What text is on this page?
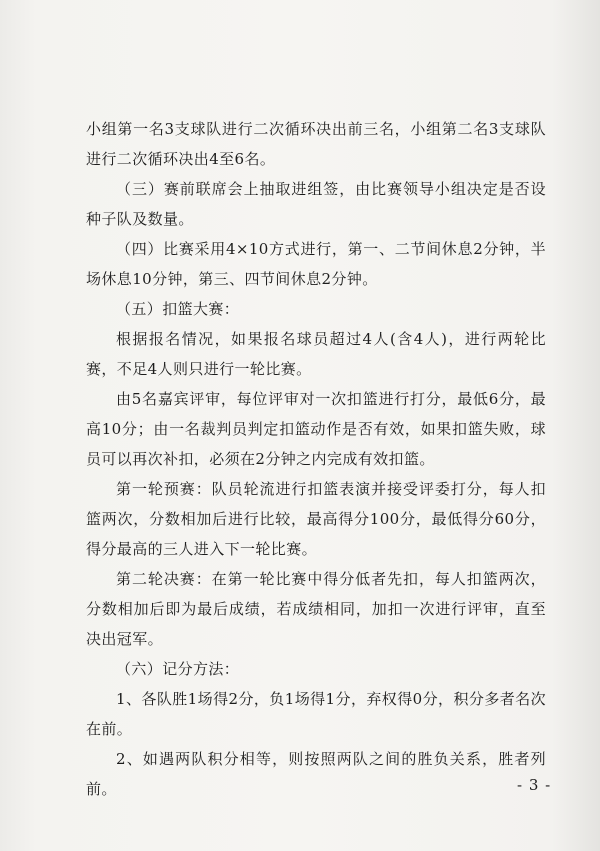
小组第一名3支球队进行二次循环决出前三名，小组第二名3支球队进行二次循环决出4至6名。

（三）赛前联席会上抽取进组签，由比赛领导小组决定是否设种子队及数量。

（四）比赛采用4×10方式进行，第一、二节间休息2分钟，半场休息10分钟，第三、四节间休息2分钟。

（五）扣篮大赛：

根据报名情况，如果报名球员超过4人(含4人)，进行两轮比赛，不足4人则只进行一轮比赛。

由5名嘉宾评审，每位评审对一次扣篮进行打分，最低6分，最高10分；由一名裁判员判定扣篮动作是否有效，如果扣篮失败，球员可以再次补扣，必须在2分钟之内完成有效扣篮。

第一轮预赛：队员轮流进行扣篮表演并接受评委打分，每人扣篮两次，分数相加后进行比较，最高得分100分，最低得分60分，得分最高的三人进入下一轮比赛。

第二轮决赛：在第一轮比赛中得分低者先扣，每人扣篮两次，分数相加后即为最后成绩，若成绩相同，加扣一次进行评审，直至决出冠军。

（六）记分方法：

1、各队胜1场得2分，负1场得1分，弃权得0分，积分多者名次在前。

2、如遇两队积分相等，则按照两队之间的胜负关系，胜者列前。	- 3 -
